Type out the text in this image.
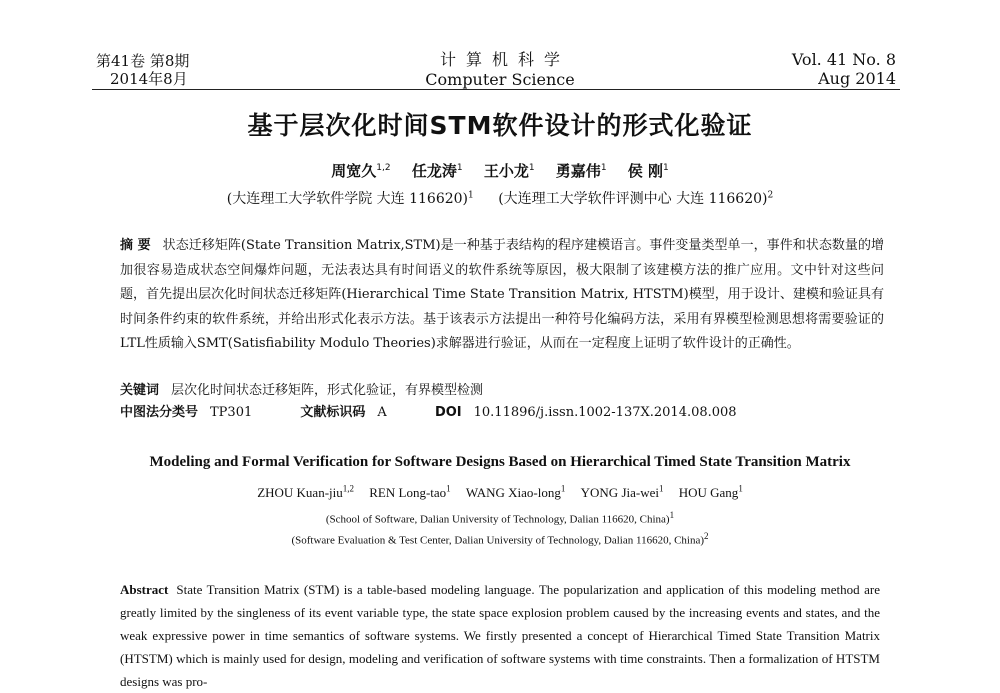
第41卷 第8期
2014年8月
计算机科学
Computer Science
Vol. 41 No. 8
Aug 2014
基于层次化时间STM软件设计的形式化验证
周宽久$^{1,2}$ 任龙涛$^1$ 王小龙$^1$ 勇嘉伟$^1$ 侯 刚$^1$
(大连理工大学软件学院 大连 116620)$^1$ (大连理工大学软件评测中心 大连 116620)$^2$
摘 要 状态迁移矩阵(State Transition Matrix,STM)是一种基于表结构的程序建模语言。事件变量类型单一，事件和状态数量的增加很容易造成状态空间爆炸问题，无法表达具有时间语义的软件系统等原因，极大限制了该建模方法的推广应用。文中针对这些问题，首先提出层次化时间状态迁移矩阵(Hierarchical Time State Transition Matrix, HTSTM)模型，用于设计、建模和验证具有时间条件约束的软件系统，并给出形式化表示方法。基于该表示方法提出一种符号化编码方法，采用有界模型检测思想将需要验证的LTL性质输入SMT(Satisfiability Modulo Theories)求解器进行验证，从而在一定程度上证明了软件设计的正确性。
关键词 层次化时间状态迁移矩阵，形式化验证，有界模型检测
中图法分类号 TP301	文献标识码 A	DOI 10.11896/j.issn.1002-137X.2014.08.008
Modeling and Formal Verification for Software Designs Based on Hierarchical Timed State Transition Matrix
ZHOU Kuan-jiu$^{1,2}$ REN Long-tao$^1$ WANG Xiao-long$^1$ YONG Jia-wei$^1$ HOU Gang$^1$
(School of Software, Dalian University of Technology, Dalian 116620, China)$^1$
(Software Evaluation & Test Center, Dalian University of Technology, Dalian 116620, China)$^2$
Abstract State Transition Matrix (STM) is a table-based modeling language. The popularization and application of this modeling method are greatly limited by the singleness of its event variable type, the state space explosion problem caused by the increasing events and states, and the weak expressive power in time semantics of software systems. We firstly presented a concept of Hierarchical Timed State Transition Matrix (HTSTM) which is mainly used for design, modeling and verification of software systems with time constraints. Then a formalization of HTSTM designs was pro-
